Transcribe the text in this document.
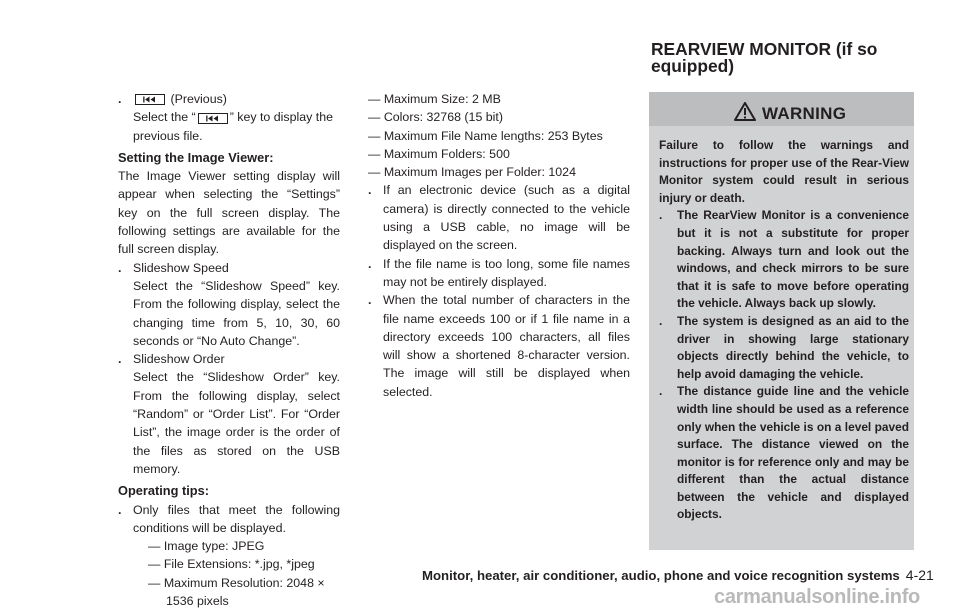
.	(Previous)
Select the “	” key to display the previous file.
Setting the Image Viewer:
The Image Viewer setting display will appear when selecting the “Settings” key on the full screen display. The following settings are available for the full screen display.
. Slideshow Speed
Select the “Slideshow Speed” key. From the following display, select the changing time from 5, 10, 30, 60 seconds or “No Auto Change”.
. Slideshow Order
Select the “Slideshow Order” key. From the following display, select “Random” or “Order List”. For “Order List”, the image order is the order of the files as stored on the USB memory.
Operating tips:
. Only files that meet the following conditions will be displayed.
— Image type: JPEG
— File Extensions: *.jpg, *jpeg
— Maximum Resolution: 2048 × 1536 pixels
— Maximum Size: 2 MB
— Colors: 32768 (15 bit)
— Maximum File Name lengths: 253 Bytes
— Maximum Folders: 500
— Maximum Images per Folder: 1024
. If an electronic device (such as a digital camera) is directly connected to the vehicle using a USB cable, no image will be displayed on the screen.
. If the file name is too long, some file names may not be entirely displayed.
. When the total number of characters in the file name exceeds 100 or if 1 file name in a directory exceeds 100 characters, all files will show a shortened 8-character version. The image will still be displayed when selected.
REARVIEW MONITOR (if so equipped)
WARNING
Failure to follow the warnings and instructions for proper use of the Rear-View Monitor system could result in serious injury or death.
. The RearView Monitor is a convenience but it is not a substitute for proper backing. Always turn and look out the windows, and check mirrors to be sure that it is safe to move before operating the vehicle. Always back up slowly.
. The system is designed as an aid to the driver in showing large stationary objects directly behind the vehicle, to help avoid damaging the vehicle.
. The distance guide line and the vehicle width line should be used as a reference only when the vehicle is on a level paved surface. The distance viewed on the monitor is for reference only and may be different than the actual distance between the vehicle and displayed objects.
Monitor, heater, air conditioner, audio, phone and voice recognition systems 4-21
carmanualsonline.info
